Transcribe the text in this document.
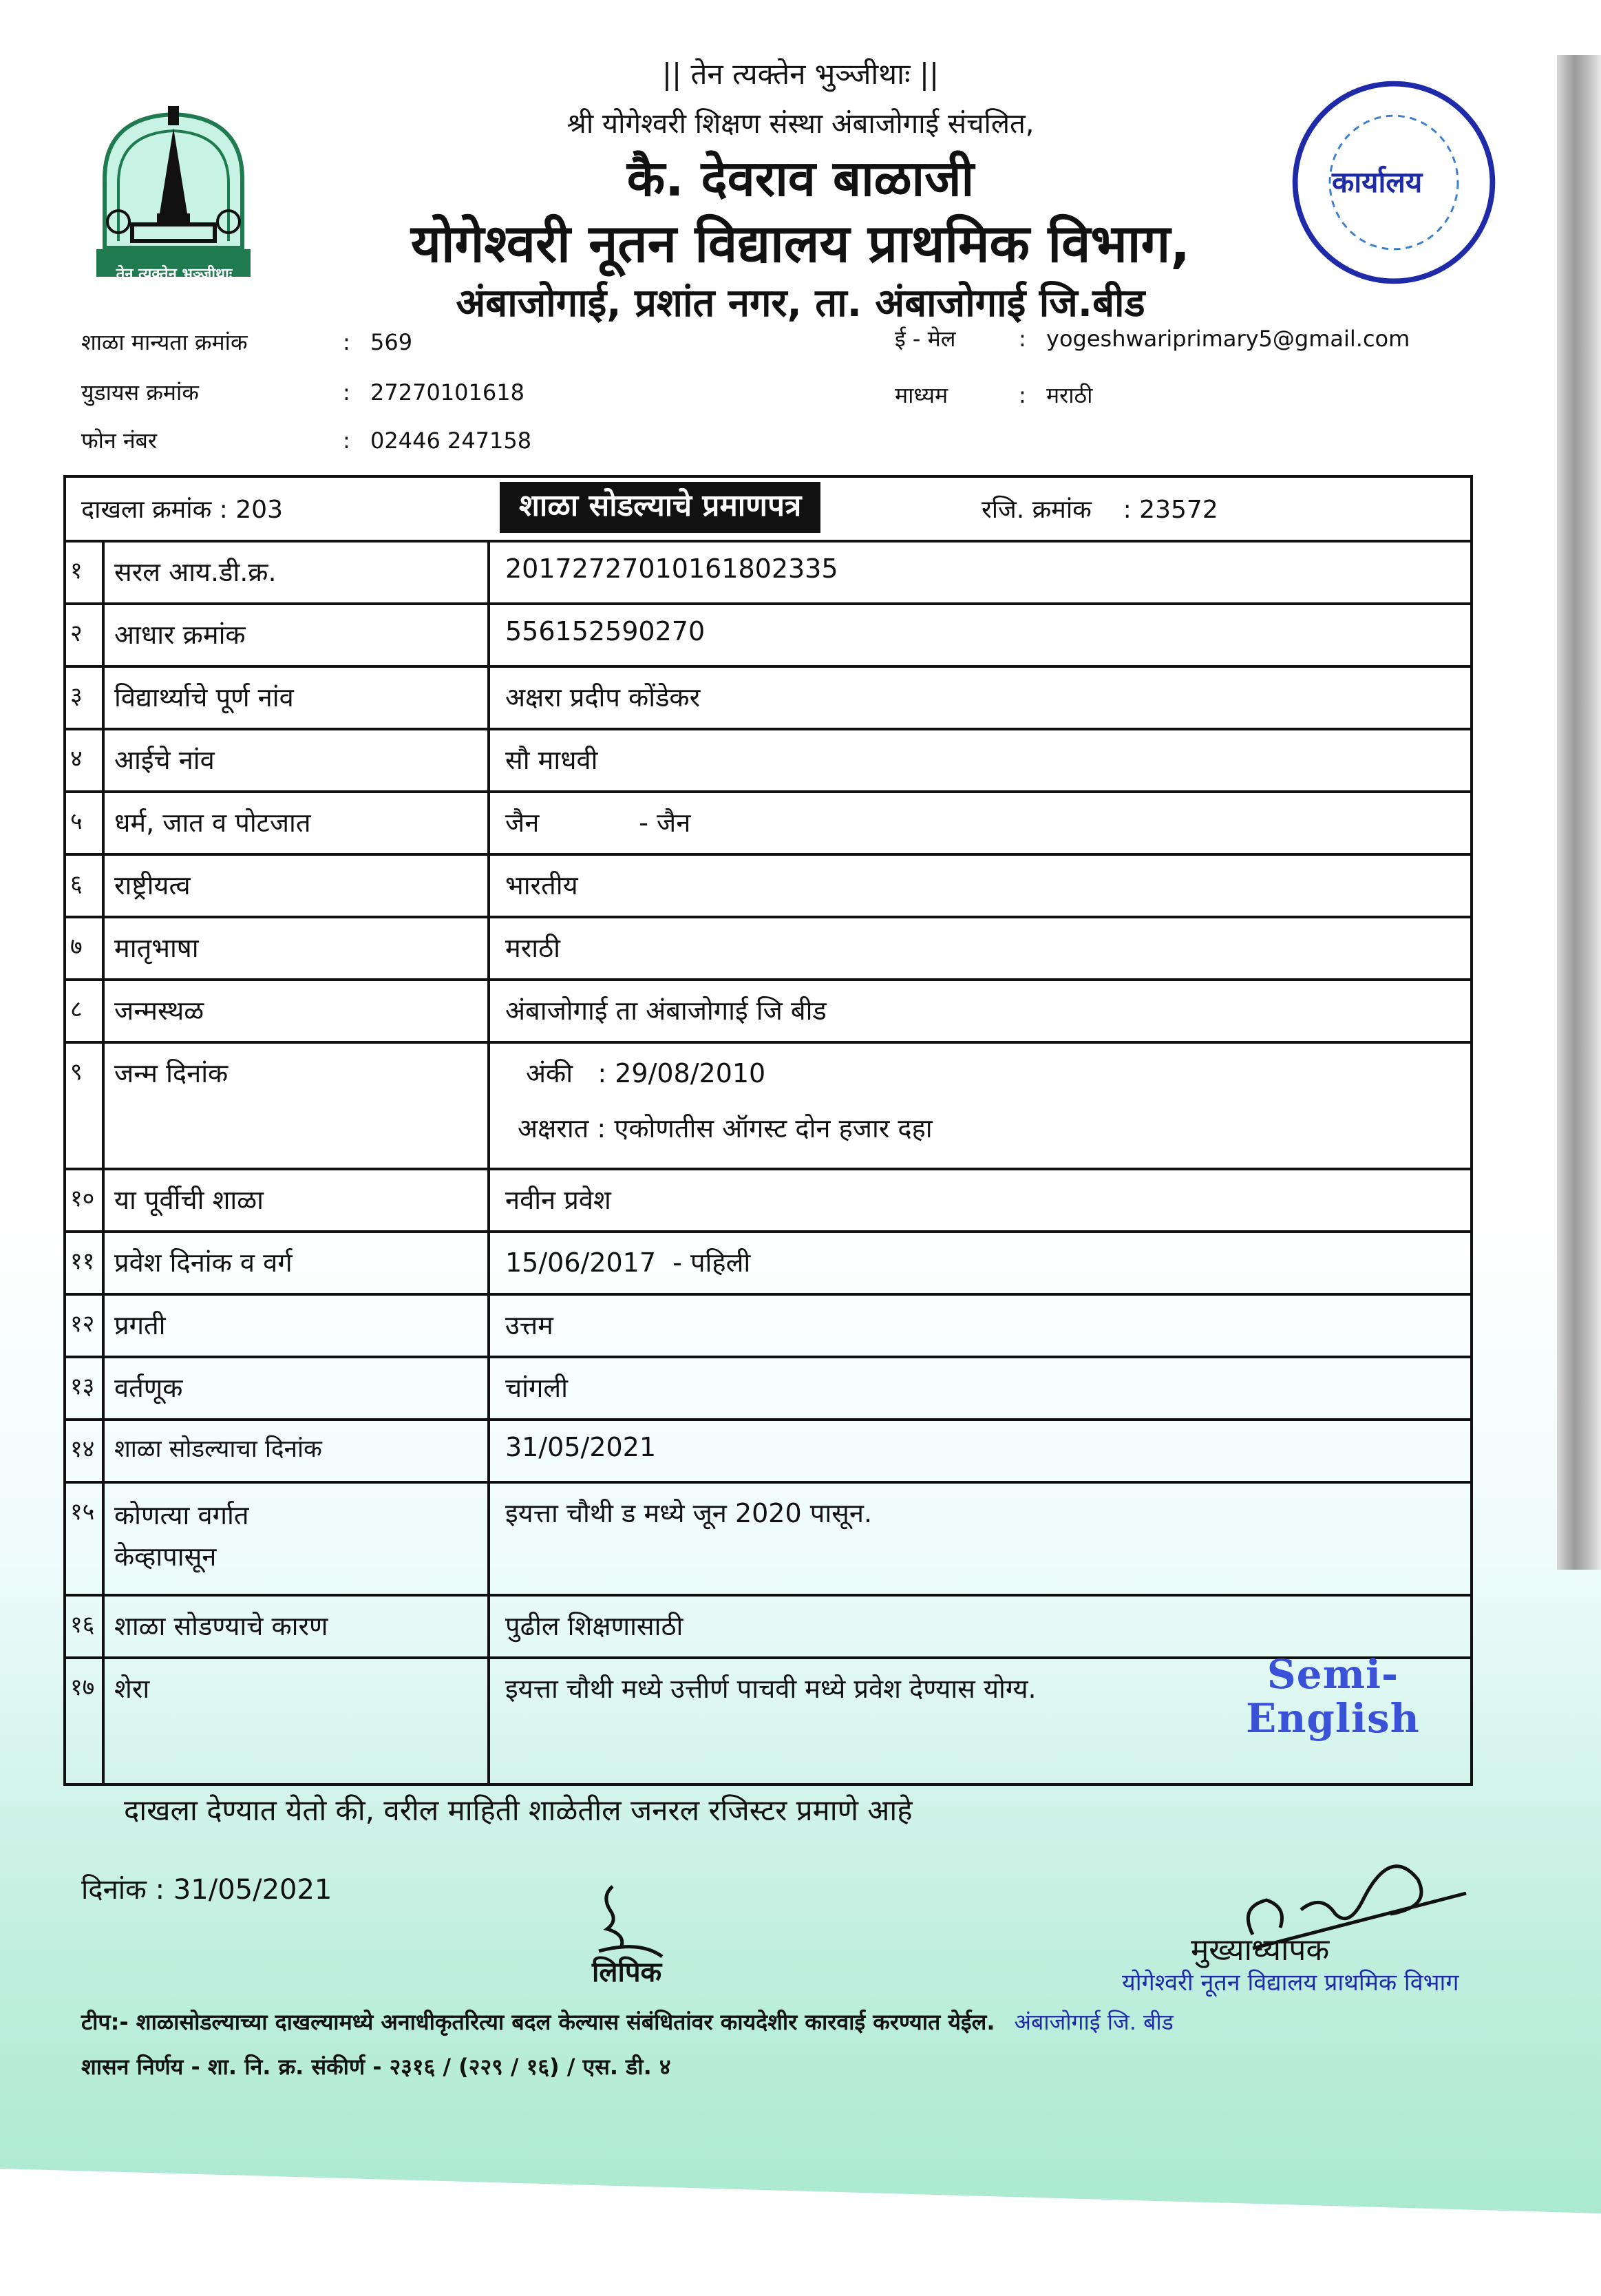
तेन त्यक्तेन भुञ्जीथाः
कार्यालय
|| तेन त्यक्तेन भुञ्जीथाः ||
श्री योगेश्वरी शिक्षण संस्था अंबाजोगाई संचलित,
कै. देवराव बाळाजी
योगेश्वरी नूतन विद्यालय प्राथमिक विभाग,
अंबाजोगाई, प्रशांत नगर, ता. अंबाजोगाई जि.बीड
शाळा मान्यता क्रमांक	: 569
युडायस क्रमांक	: 27270101618
फोन नंबर	: 02446 247158
ई - मेल	: yogeshwariprimary5@gmail.com
माध्यम	: मराठी
दाखला क्रमांक : 203	शाळा सोडल्याचे प्रमाणपत्र	रजि. क्रमांक : 23572
१	सरल आय.डी.क्र.	20172727010161802335
२	आधार क्रमांक	556152590270
३	विद्यार्थ्याचे पूर्ण नांव	अक्षरा प्रदीप कोंडेकर
४	आईचे नांव	सौ माधवी
५	धर्म, जात व पोटजात	जैन            - जैन
६	राष्ट्रीयत्व	भारतीय
७	मातृभाषा	मराठी
८	जन्मस्थळ	अंबाजोगाई ता अंबाजोगाई जि बीड
९	जन्म दिनांक	अंकी : 29/08/2010
अक्षरात : एकोणतीस ऑगस्ट दोन हजार दहा
१० या पूर्वीची शाळा	नवीन प्रवेश
११ प्रवेश दिनांक व वर्ग	15/06/2017  - पहिली
१२ प्रगती	उत्तम
१३ वर्तणूक	चांगली
१४ शाळा सोडल्याचा दिनांक	31/05/2021
१५ कोणत्या वर्गात केव्हापासून
इयत्ता चौथी ड मध्ये जून 2020 पासून.
१६ शाळा सोडण्याचे कारण	पुढील शिक्षणासाठी
१७ शेरा	इयत्ता चौथी मध्ये उत्तीर्ण पाचवी मध्ये प्रवेश देण्यास योग्य.	Semi-
English
दाखला देण्यात येतो की, वरील माहिती शाळेतील जनरल रजिस्टर प्रमाणे आहे
दिनांक : 31/05/2021
लिपिक
मुख्याध्यापक
योगेश्वरी नूतन विद्यालय प्राथमिक विभाग
टीप:- शाळासोडल्याच्या दाखल्यामध्ये अनाधीकृतरित्या बदल केल्यास संबंधितांवर कायदेशीर कारवाई करण्यात येईल. अंबाजोगाई जि. बीड
शासन निर्णय - शा. नि. क्र. संकीर्ण - २३१६ / (२२९ / १६) / एस. डी. ४
